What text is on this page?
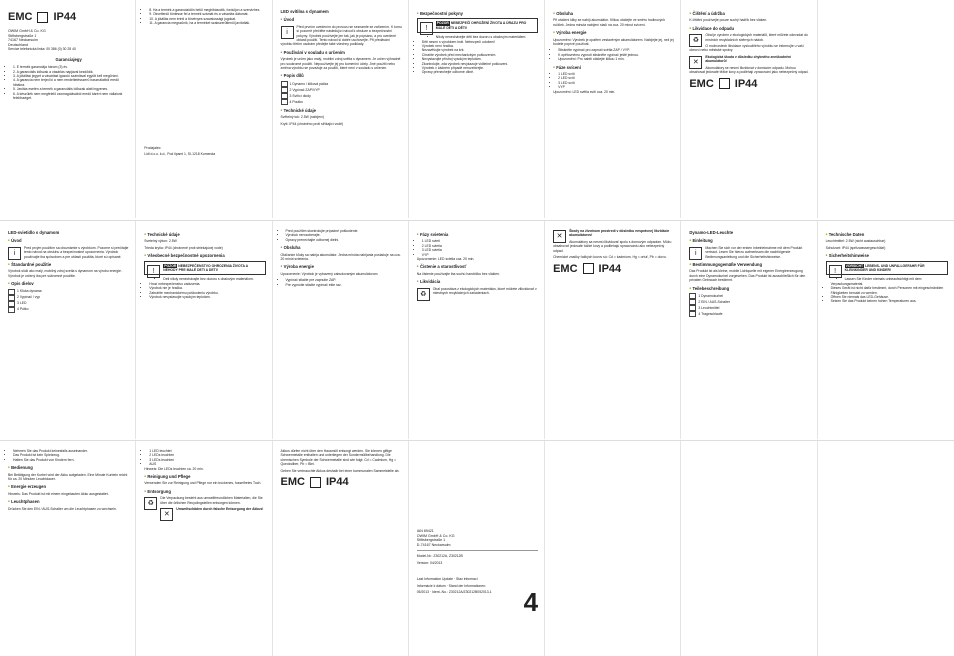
EMC IP44
OWIM GmbH & Co. KG
Stiftsbergstraße 1
74167 Neckarsulm
Deutschland

Service telefonická linka: 00 386 (0) 30 28 40

Garanciajegy
• 1. E termék garanciája három (3) év.
• 2. A garanciális időszak a vásárlás napjával kezdődik.
• 3. A jótállási jegyet a vásárlást igazoló számlával együtt kell megőrizni.
• 4. A garancia nem terjed ki a nem rendeltetésszerű használatból eredő hibákra.
• 5. Javítás esetén a termék a garanciális időszak alatt ingyenes.
• 6. A készülék nem megfelelő csomagolásából eredő kárért nem vállalunk felelősséget.
• 8. Ha a termék a garanciaidőn belül meghibásodik, forduljon a szervizhez.
• 9. Okvetlenül tüntesse fel a termék számát és a vásárlás dátumát.
• 10. A jótállás nem érinti a törvényes szavatossági jogokat.
• 11. A garancia megszűnik, ha a terméket szakszerűtlenül javították.

Prodajalec:

Lidl d.o.o. k.d., Pod lipami 1, SI-1218 Komenda

LED svítilna s dynamem
• Úvod
i

Před prvním uvedením do provozu se seznamte se zařízením. K tomu si pozorně přečtěte následující návod k obsluze a bezpečnostní pokyny. Výrobek používejte jen tak, jak je popsáno, a pro uvedené oblasti použití. Tento návod si dobře uschovejte. Při předávání výrobku třetím osobám předejte také všechny podklady.

• Používání v souladu s určením

Výrobek je určen jako malý, mobilní zdroj světla s dynamem. Je určen výhradně pro soukromé použití. Nepoužívejte jej pro komerční účely. Jiné použití nebo změna výrobku se považuje za použití, které není v souladu s určením.

• Popis dílů
1 Dynamo / kliková páčka
2 Vypínač ZAP/VYP
3 Svítící diody
4 Poutko
• Technické údaje

Světelný tok: 2.5W (nabíjení)

Krytí: IP44 (chráněno proti stříkající vodě)

• Bezpečnostní pokyny
!
POZOR NEBEZPEČÍ OHROŽENÍ ŽIVOTA A ÚRAZU PRO MALÉ DĚTI A DĚTI!
• Nikdy nenechávejte děti bez dozoru s obalovým materiálem.
• Děti nesmí s výrobkem hrát. Nebezpečí udušení!
• Výrobek není hračka.
• Nezavěšujte výrobek na krk.
• Chraňte výrobek před mechanickým poškozením.
• Nevystavujte přístroj vysokým teplotám.
• Zkontrolujte, zda výrobek nevykazuje viditelné poškození.
• Výrobek v žádném případě nerozebírejte.
• Opravy přenechejte odborné dílně.
• Obsluha

Při otáčení kliky se nabíjí akumulátor. Klikou otáčejte ve směru hodinových ručiček. Jedna minuta nabíjení stačí na cca. 20 minut svícení.

• Výroba energie

Upozornění: Výrobek je opatřen vestavěným akumulátorem. Nabíjejte jej, než jej budete poprvé používat.

• Stiskněte vypínač pro zapnutí světla ZAP / VYP.
• K opětovnému vypnutí stiskněte vypínač ještě jednou.
• Upozornění: Pro nabití otáčejte klikou 1 min.
• Fáze svícení
• 1 LED svítí
• 2 LED svítí
• 3 LED svítí
• VYP

Upozornění: LED světla svítí cca. 20 min.

• Čištění a údržba

K čištění používejte pouze suchý hadřík bez vláken.

• Likvidace do odpadu
♻

Obal je vyroben z ekologických materiálů, které můžete odevzdat do místních recyklačních sběrných nádob.

O možnostech likvidace vysloužilého výrobku se informujte u vaší obecní nebo městské správy.

✕

Ekologická škoda v důsledku chybného zneškodnění akumulátorů!

Akumulátory se nesmí likvidovat v domácím odpadu. Mohou obsahovat jedovaté těžké kovy a podléhají zpracování jako nebezpečný odpad.

EMC IP44
LED-svietidlo s dynamom
• Úvod
i

Pred prvým použitím sa oboznámte s výrobkom. Pozorne si prečítajte tento návod na obsluhu a bezpečnostné upozornenia. Výrobok používajte iba spôsobom a pre oblasti použitia, ktoré sú opísané.

• Štandardné použitie

Výrobok slúži ako malý, mobilný zdroj svetla s dynamom na výrobu energie. Výrobok je určený iba pre súkromné použitie.

• Opis dielov
1 Kľuka dynama
2 Vypínač / vyp
3 LED
4 Pútko
• Technické údaje

Svetelný výkon: 2.5W

Trieda krytia: IP44 (chránené proti striekajúcej vode)

• Všeobecné bezpečnostné upozornenia
!
POZOR NEBEZPEČENSTVO OHROZENIA ŽIVOTA A NEHODY PRE MALÉ DETI A DETI!
• Deti nikdy nenechávajte bez dozoru s obalovým materiálom.
• Hrozí nebezpečenstvo zadusenia.
• Výrobok nie je hračka.
• Zabráňte mechanickému poškodeniu výrobku.
• Výrobok nevystavujte vysokým teplotám.
• Pred použitím skontrolujte prípadné poškodenie.
• Výrobok nerozoberajte.
• Opravy prenechajte odbornej dielni.
• Obsluha

Otáčaním kľuky sa nabíja akumulátor. Jedna minúta nabíjania postačuje na cca. 20 minút svietenia.

• Výroba energie

Upozornenie: Výrobok je vybavený zabudovaným akumulátorom.

• Vypínač stlačte pre zapnutie ZAP.
• Pre vypnutie stlačte vypínač ešte raz.
• Fázy svietenia
• 1 LED svieti
• 2 LED svietia
• 3 LED svietia
• VYP

Upozornenie: LED svietia cca. 20 min.

• Čistenie a starostlivosť

Na čistenie používajte iba suchú handričku bez vlákien.

• Likvidácia
♻

Obal pozostáva z ekologických materiálov, ktoré môžete zlikvidovať v miestnych recyklačných zariadeniach.

✕

Škody na životnom prostredí v dôsledku nesprávnej likvidácie akumulátorov!

Akumulátory sa nesmú likvidovať spolu s domovým odpadom. Môžu obsahovať jedovaté ťažké kovy a podliehajú spracovaniu ako nebezpečný odpad.

Chemické značky ťažkých kovov sú: Cd = kadmium, Hg = ortuť, Pb = olovo.

EMC IP44
Dynamo-LED-Leuchte
• Einleitung
i

Machen Sie sich vor der ersten Inbetriebnahme mit dem Produkt vertraut. Lesen Sie hierzu aufmerksam die nachfolgende Bedienungsanleitung und die Sicherheitshinweise.

• Bestimmungsgemäße Verwendung

Das Produkt ist als kleine, mobile Lichtquelle mit eigener Energieerzeugung durch eine Dynamokurbel vorgesehen. Das Produkt ist ausschließlich für den privaten Gebrauch bestimmt.

• Teilebeschreibung
1 Dynamokurbel
2 EIN / AUS-Schalter
3 Leuchtmittel
4 Trageschlaufe
• Technische Daten

Leuchtmittel: 2.5W (nicht austauschbar)

Schutzart: IP44 (spritzwassergeschützt)

• Sicherheitshinweise
!
VORSICHT LEBENS- UND UNFALLGEFAHR FÜR KLEINKINDER UND KINDER!
• Lassen Sie Kinder niemals unbeaufsichtigt mit dem Verpackungsmaterial.
• Dieses Gerät ist nicht dafür bestimmt, durch Personen mit eingeschränkten Fähigkeiten benutzt zu werden.
• Öffnen Sie niemals das LED-Gehäuse.
• Setzen Sie das Produkt keinen hohen Temperaturen aus.
• Nehmen Sie das Produkt keinesfalls auseinander.
• Das Produkt ist kein Spielzeug.
• Halten Sie das Produkt von Kindern fern.
• Bedienung

Bei Betätigung der Kurbel wird der Akku aufgeladen. Eine Minute Kurbeln reicht für ca. 20 Minuten Leuchtdauer.

• Energie erzeugen

Hinweis: Das Produkt ist mit einem eingebauten Akku ausgestattet.

• Leuchtphasen

Drücken Sie den EIN / AUS-Schalter um die Leuchtphasen zu wechseln.

• 1 LED leuchtet
• 2 LEDs leuchten
• 3 LEDs leuchten
• AUS

Hinweis: Die LEDs leuchten ca. 20 min.

• Reinigung und Pflege

Verwenden Sie zur Reinigung und Pflege nur ein trockenes, fusselfreies Tuch.

• Entsorgung
♻

Die Verpackung besteht aus umweltfreundlichen Materialien, die Sie über die örtlichen Recyclingstellen entsorgen können.

✕

Umweltschäden durch falsche Entsorgung der Akkus!

Akkus dürfen nicht über den Hausmüll entsorgt werden. Sie können giftige Schwermetalle enthalten und unterliegen der Sondermüllbehandlung. Die chemischen Symbole der Schwermetalle sind wie folgt: Cd = Cadmium, Hg = Quecksilber, Pb = Blei.

Geben Sie verbrauchte Akkus deshalb bei einer kommunalen Sammelstelle ab.

EMC IP44
IAN 89421
OWIM GmbH & Co. KG
Stiftsbergstraße 1
D-74167 Neckarsulm

Model-Nr.: Z30212A, Z30212B

Version: 04/2013

Last Information Update · Stav informací

Informácie k dátum · Stand der Informationen:

05/2013 · Ident.-No.: Z30212A/Z30212B052013-1	4
